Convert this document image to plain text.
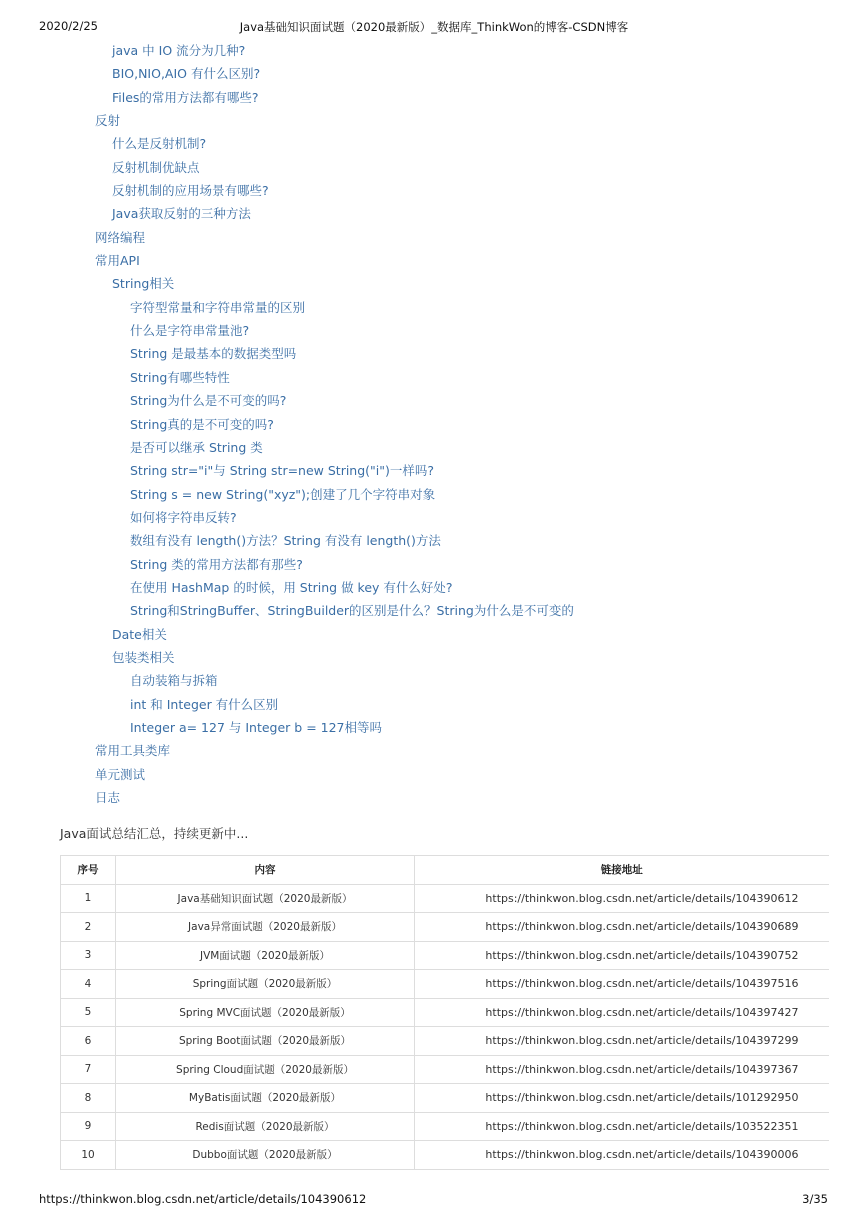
2020/2/25	Java基础知识面试题（2020最新版）_数据库_ThinkWon的博客-CSDN博客
java 中 IO 流分为几种?
BIO,NIO,AIO 有什么区别?
Files的常用方法都有哪些?
反射
什么是反射机制?
反射机制优缺点
反射机制的应用场景有哪些?
Java获取反射的三种方法
网络编程
常用API
String相关
字符型常量和字符串常量的区别
什么是字符串常量池?
String 是最基本的数据类型吗
String有哪些特性
String为什么是不可变的吗?
String真的是不可变的吗?
是否可以继承 String 类
String str="i"与 String str=new String("i")一样吗?
String s = new String("xyz");创建了几个字符串对象
如何将字符串反转?
数组有没有 length()方法？String 有没有 length()方法
String 类的常用方法都有那些?
在使用 HashMap 的时候，用 String 做 key 有什么好处?
String和StringBuffer、StringBuilder的区别是什么？String为什么是不可变的
Date相关
包装类相关
自动装箱与拆箱
int 和 Integer 有什么区别
Integer a= 127 与 Integer b = 127相等吗
常用工具类库
单元测试
日志
Java面试总结汇总，持续更新中...
序号	内容	链接地址
1	Java基础知识面试题（2020最新版）	https://thinkwon.blog.csdn.net/article/details/104390612
2	Java异常面试题（2020最新版）	https://thinkwon.blog.csdn.net/article/details/104390689
3	JVM面试题（2020最新版）	https://thinkwon.blog.csdn.net/article/details/104390752
4	Spring面试题（2020最新版）	https://thinkwon.blog.csdn.net/article/details/104397516
5	Spring MVC面试题（2020最新版）	https://thinkwon.blog.csdn.net/article/details/104397427
6	Spring Boot面试题（2020最新版）	https://thinkwon.blog.csdn.net/article/details/104397299
7	Spring Cloud面试题（2020最新版）	https://thinkwon.blog.csdn.net/article/details/104397367
8	MyBatis面试题（2020最新版）	https://thinkwon.blog.csdn.net/article/details/101292950
9	Redis面试题（2020最新版）	https://thinkwon.blog.csdn.net/article/details/103522351
10	Dubbo面试题（2020最新版）	https://thinkwon.blog.csdn.net/article/details/104390006
https://thinkwon.blog.csdn.net/article/details/104390612	3/35
